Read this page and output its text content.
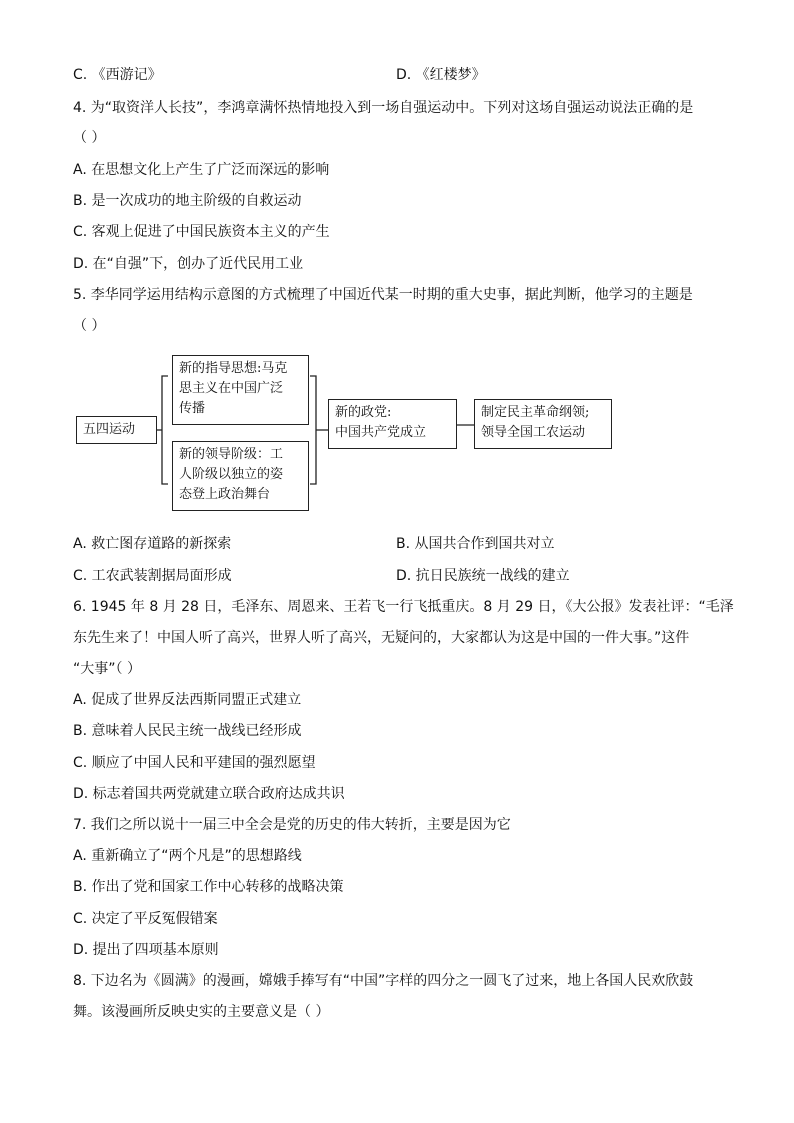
C. 《西游记》	D. 《红楼梦》
4. 为“取资洋人长技”，李鸿章满怀热情地投入到一场自强运动中。下列对这场自强运动说法正确的是
（ ）
A. 在思想文化上产生了广泛而深远的影响
B. 是一次成功的地主阶级的自救运动
C. 客观上促进了中国民族资本主义的产生
D. 在“自强”下，创办了近代民用工业
5. 李华同学运用结构示意图的方式梳理了中国近代某一时期的重大史事，据此判断，他学习的主题是
（ ）
五四运动
新的指导思想:马克
思主义在中国广泛
传播
新的领导阶级：工
人阶级以独立的姿
态登上政治舞台
新的政党:
中国共产党成立
制定民主革命纲领;
领导全国工农运动
A. 救亡图存道路的新探索	B. 从国共合作到国共对立
C. 工农武装割据局面形成	D. 抗日民族统一战线的建立
6. 1945 年 8 月 28 日，毛泽东、周恩来、王若飞一行飞抵重庆。8 月 29 日，《大公报》发表社评：“毛泽
东先生来了！中国人听了高兴，世界人听了高兴，无疑问的，大家都认为这是中国的一件大事。”这件
“大事”（ ）
A. 促成了世界反法西斯同盟正式建立
B. 意味着人民民主统一战线已经形成
C. 顺应了中国人民和平建国的强烈愿望
D. 标志着国共两党就建立联合政府达成共识
7. 我们之所以说十一届三中全会是党的历史的伟大转折，主要是因为它
A. 重新确立了“两个凡是”的思想路线
B. 作出了党和国家工作中心转移的战略决策
C. 决定了平反冤假错案
D. 提出了四项基本原则
8. 下边名为《圆满》的漫画，嫦娥手捧写有“中国”字样的四分之一圆飞了过来，地上各国人民欢欣鼓
舞。该漫画所反映史实的主要意义是（ ）
